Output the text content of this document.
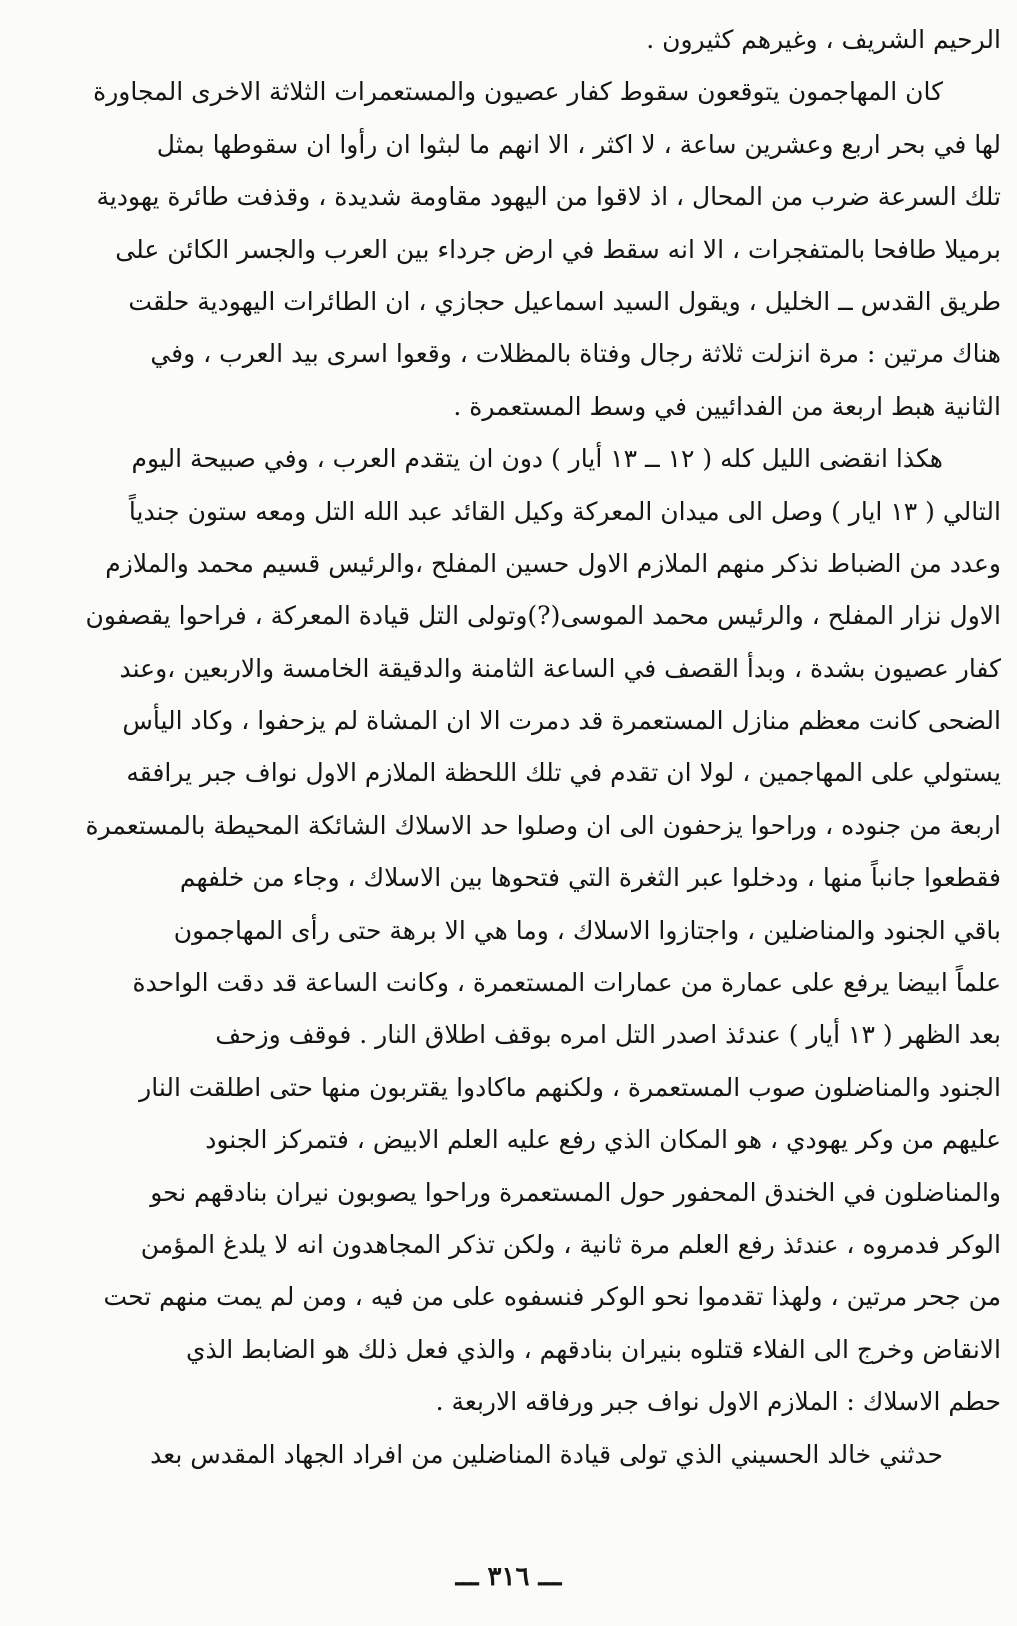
الرحيم الشريف ، وغيرهم كثيرون .
كان المهاجمون يتوقعون سقوط كفار عصيون والمستعمرات الثلاثة الاخرى المجاورة
لها في بحر اربع وعشرين ساعة ، لا اكثر ، الا انهم ما لبثوا ان رأوا ان سقوطها بمثل
تلك السرعة ضرب من المحال ، اذ لاقوا من اليهود مقاومة شديدة ، وقذفت طائرة يهودية
برميلا طافحا بالمتفجرات ، الا انه سقط في ارض جرداء بين العرب والجسر الكائن على
طريق القدس ــ الخليل ، ويقول السيد اسماعيل حجازي ، ان الطائرات اليهودية حلقت
هناك مرتين : مرة انزلت ثلاثة رجال وفتاة بالمظلات ، وقعوا اسرى بيد العرب ، وفي
الثانية هبط اربعة من الفدائيين في وسط المستعمرة .
هكذا انقضى الليل كله ( ١٢ ــ ١٣ أيار ) دون ان يتقدم العرب ، وفي صبيحة اليوم
التالي ( ١٣ ايار ) وصل الى ميدان المعركة وكيل القائد عبد الله التل ومعه ستون جندياً
وعدد من الضباط نذكر منهم الملازم الاول حسين المفلح ،والرئيس قسيم محمد والملازم
الاول نزار المفلح ، والرئيس محمد الموسى(?)وتولى التل قيادة المعركة ، فراحوا يقصفون
كفار عصيون بشدة ، وبدأ القصف في الساعة الثامنة والدقيقة الخامسة والاربعين ،وعند
الضحى كانت معظم منازل المستعمرة قد دمرت الا ان المشاة لم يزحفوا ، وكاد اليأس
يستولي على المهاجمين ، لولا ان تقدم في تلك اللحظة الملازم الاول نواف جبر يرافقه
اربعة من جنوده ، وراحوا يزحفون الى ان وصلوا حد الاسلاك الشائكة المحيطة بالمستعمرة
فقطعوا جانباً منها ، ودخلوا عبر الثغرة التي فتحوها بين الاسلاك ، وجاء من خلفهم
باقي الجنود والمناضلين ، واجتازوا الاسلاك ، وما هي الا برهة حتى رأى المهاجمون
علماً ابيضا يرفع على عمارة من عمارات المستعمرة ، وكانت الساعة قد دقت الواحدة
بعد الظهر ( ١٣ أيار ) عندئذ اصدر التل امره بوقف اطلاق النار . فوقف وزحف
الجنود والمناضلون صوب المستعمرة ، ولكنهم ماكادوا يقتربون منها حتى اطلقت النار
عليهم من وكر يهودي ، هو المكان الذي رفع عليه العلم الابيض ، فتمركز الجنود
والمناضلون في الخندق المحفور حول المستعمرة وراحوا يصوبون نيران بنادقهم نحو
الوكر فدمروه ، عندئذ رفع العلم مرة ثانية ، ولكن تذكر المجاهدون انه لا يلدغ المؤمن
من جحر مرتين ، ولهذا تقدموا نحو الوكر فنسفوه على من فيه ، ومن لم يمت منهم تحت
الانقاض وخرج الى الفلاء قتلوه بنيران بنادقهم ، والذي فعل ذلك هو الضابط الذي
حطم الاسلاك : الملازم الاول نواف جبر ورفاقه الاربعة .
حدثني خالد الحسيني الذي تولى قيادة المناضلين من افراد الجهاد المقدس بعد
ـــ ٣١٦ ـــ
